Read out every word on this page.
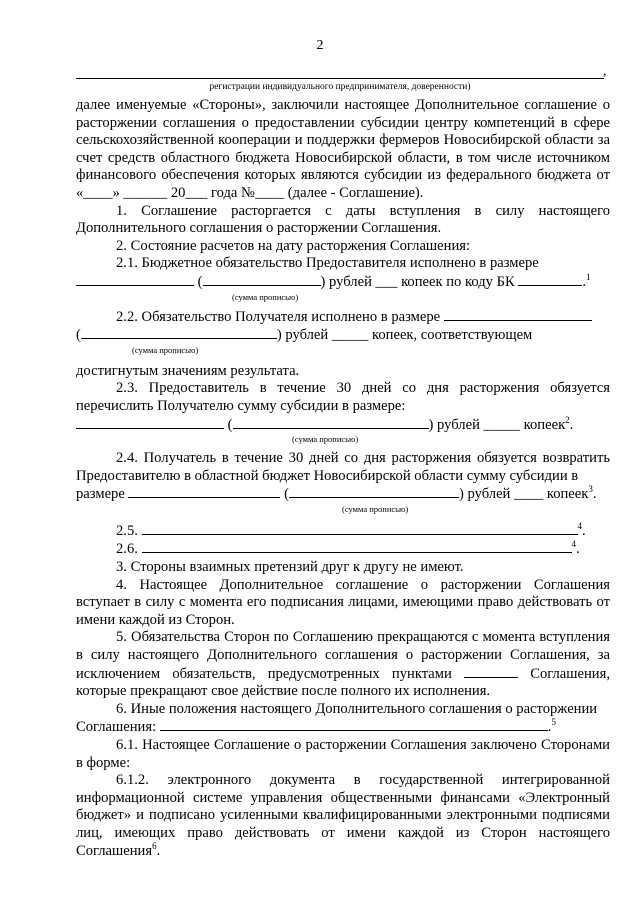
2
,
регистрации индивидуального предпринимателя, доверенности)

далее именуемые «Стороны», заключили настоящее Дополнительное соглашение о расторжении соглашения о предоставлении субсидии центру компетенций в сфере сельскохозяйственной кооперации и поддержки фермеров Новосибирской области за счет средств областного бюджета Новосибирской области, в том числе источником финансового обеспечения которых являются субсидии из федерального бюджета от «____» ______ 20___ года №____ (далее - Соглашение).

1. Соглашение расторгается с даты вступления в силу настоящего Дополнительного соглашения о расторжении Соглашения.

2. Состояние расчетов на дату расторжения Соглашения:

2.1. Бюджетное обязательство Предоставителя исполнено в размере

(	) рублей ___ копеек по коду БК	.$^1$

(сумма прописью)

2.2. Обязательство Получателя исполнено в размере

(	) рублей _____ копеек, соответствующем

(сумма прописью)

достигнутым значениям результата.

2.3. Предоставитель в течение 30 дней со дня расторжения обязуется перечислить Получателю сумму субсидии в размере:

(	) рублей _____ копеек$^2$.

(сумма прописью)

2.4. Получатель в течение 30 дней со дня расторжения обязуется возвратить Предоставителю в областной бюджет Новосибирской области сумму субсидии в

размере	(	) рублей ____ копеек$^3$.

(сумма прописью)

2.5.	$^4$.

2.6.	$^4$.

3. Стороны взаимных претензий друг к другу не имеют.

4. Настоящее Дополнительное соглашение о расторжении Соглашения вступает в силу с момента его подписания лицами, имеющими право действовать от имени каждой из Сторон.

5. Обязательства Сторон по Соглашению прекращаются с момента вступления в силу настоящего Дополнительного соглашения о расторжении Соглашения, за исключением обязательств, предусмотренных пунктами	Соглашения, которые прекращают свое действие после полного их исполнения.

6. Иные положения настоящего Дополнительного соглашения о расторжении Соглашения:	.$^5$

6.1. Настоящее Соглашение о расторжении Соглашения заключено Сторонами в форме:

6.1.2. электронного документа в государственной интегрированной информационной системе управления общественными финансами «Электронный бюджет» и подписано усиленными квалифицированными электронными подписями лиц, имеющих право действовать от имени каждой из Сторон настоящего Соглашения$^6$.
